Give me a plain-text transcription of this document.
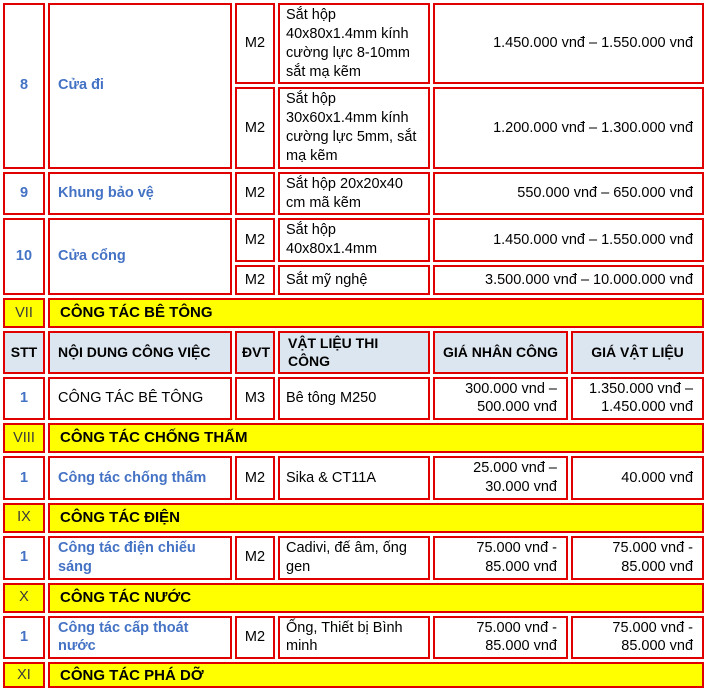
8	Cửa đi	M2	Sắt hộp 40x80x1.4mm kính cường lực 8-10mm sắt mạ kẽm	1.450.000 vnđ – 1.550.000 vnđ	
		M2	Sắt hộp 30x60x1.4mm kính cường lực 5mm, sắt mạ kẽm	1.200.000 vnđ – 1.300.000 vnđ	
9	Khung bảo vệ	M2	Sắt hộp 20x20x40 cm mã kẽm	550.000 vnđ – 650.000 vnđ	
10	Cửa cổng	M2	Sắt hộp 40x80x1.4mm	1.450.000 vnđ – 1.550.000 vnđ	
		M2	Sắt mỹ nghệ	3.500.000 vnđ – 10.000.000 vnđ	
VII	CÔNG TÁC BÊ TÔNG				
STT	NỘI DUNG CÔNG VIỆC	ĐVT	VẬT LIỆU THI CÔNG	GIÁ NHÂN CÔNG	GIÁ VẬT LIỆU
1	CÔNG TÁC BÊ TÔNG	M3	Bê tông M250	300.000 vnd – 500.000 vnđ	1.350.000 vnđ – 1.450.000 vnđ
VIII	CÔNG TÁC CHỐNG THẤM				
1	Công tác chống thấm	M2	Sika & CT11A	25.000 vnđ – 30.000 vnđ	40.000 vnđ
IX	CÔNG TÁC ĐIỆN				
1	Công tác điện chiếu sáng	M2	Cadivi, đế âm, ống gen	75.000 vnđ - 85.000 vnđ	75.000 vnđ - 85.000 vnđ
X	CÔNG TÁC NƯỚC				
1	Công tác cấp thoát nước	M2	Ống, Thiết bị Bình minh	75.000 vnđ - 85.000 vnđ	75.000 vnđ - 85.000 vnđ
XI	CÔNG TÁC PHÁ DỠ				
